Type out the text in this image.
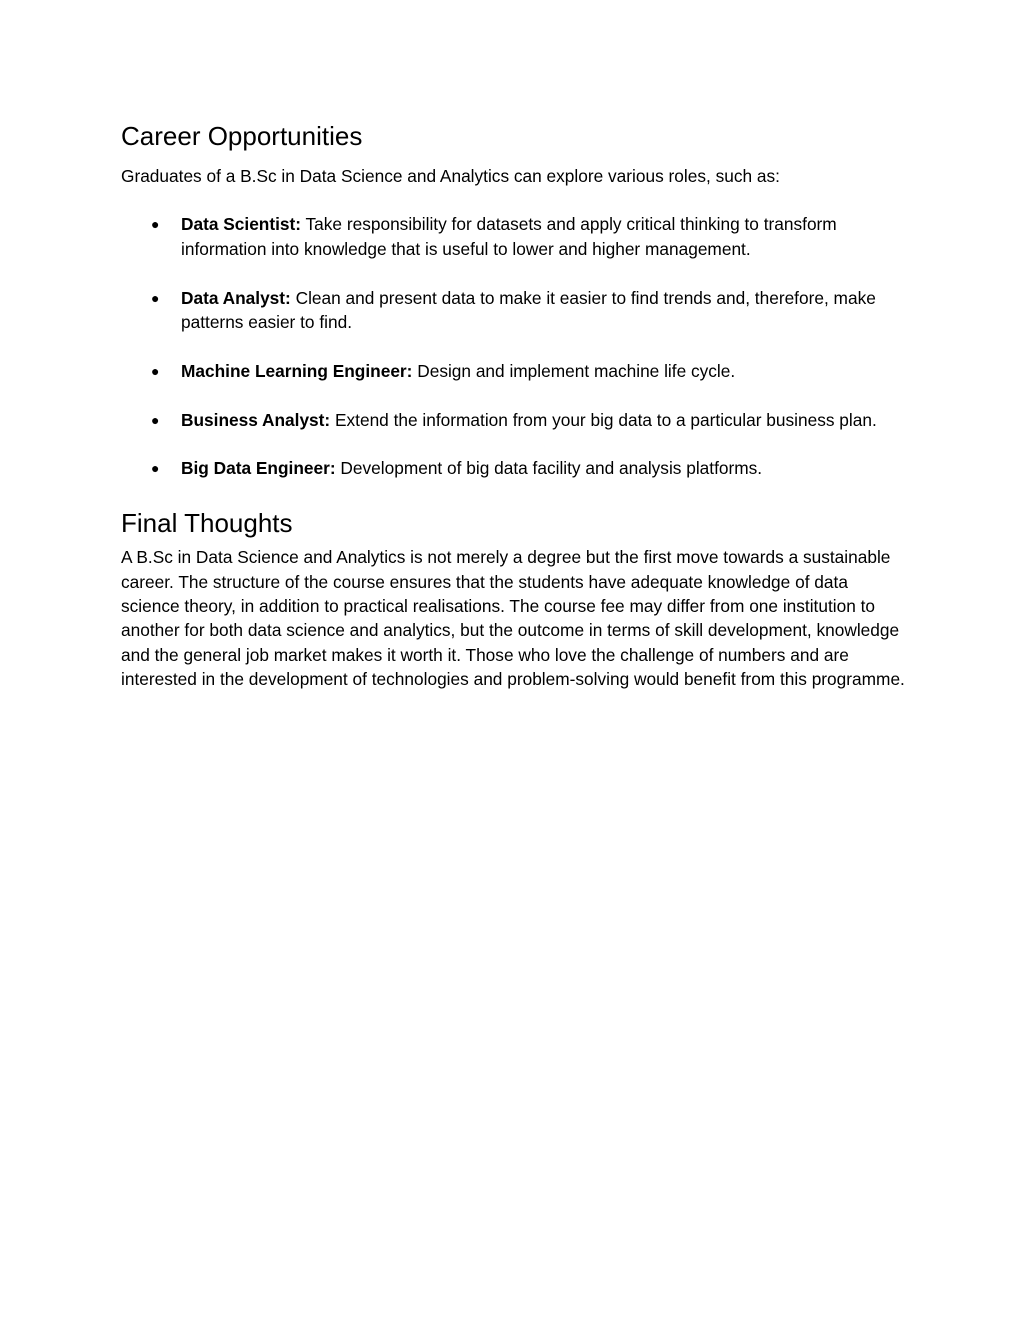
Career Opportunities

Graduates of a B.Sc in Data Science and Analytics can explore various roles, such as:

● Data Scientist: Take responsibility for datasets and apply critical thinking to transform information into knowledge that is useful to lower and higher management.
● Data Analyst: Clean and present data to make it easier to find trends and, therefore, make patterns easier to find.
● Machine Learning Engineer: Design and implement machine life cycle.
● Business Analyst: Extend the information from your big data to a particular business plan.
● Big Data Engineer: Development of big data facility and analysis platforms.
Final Thoughts

A B.Sc in Data Science and Analytics is not merely a degree but the first move towards a sustainable career. The structure of the course ensures that the students have adequate knowledge of data science theory, in addition to practical realisations. The course fee may differ from one institution to another for both data science and analytics, but the outcome in terms of skill development, knowledge and the general job market makes it worth it. Those who love the challenge of numbers and are interested in the development of technologies and problem-solving would benefit from this programme.
